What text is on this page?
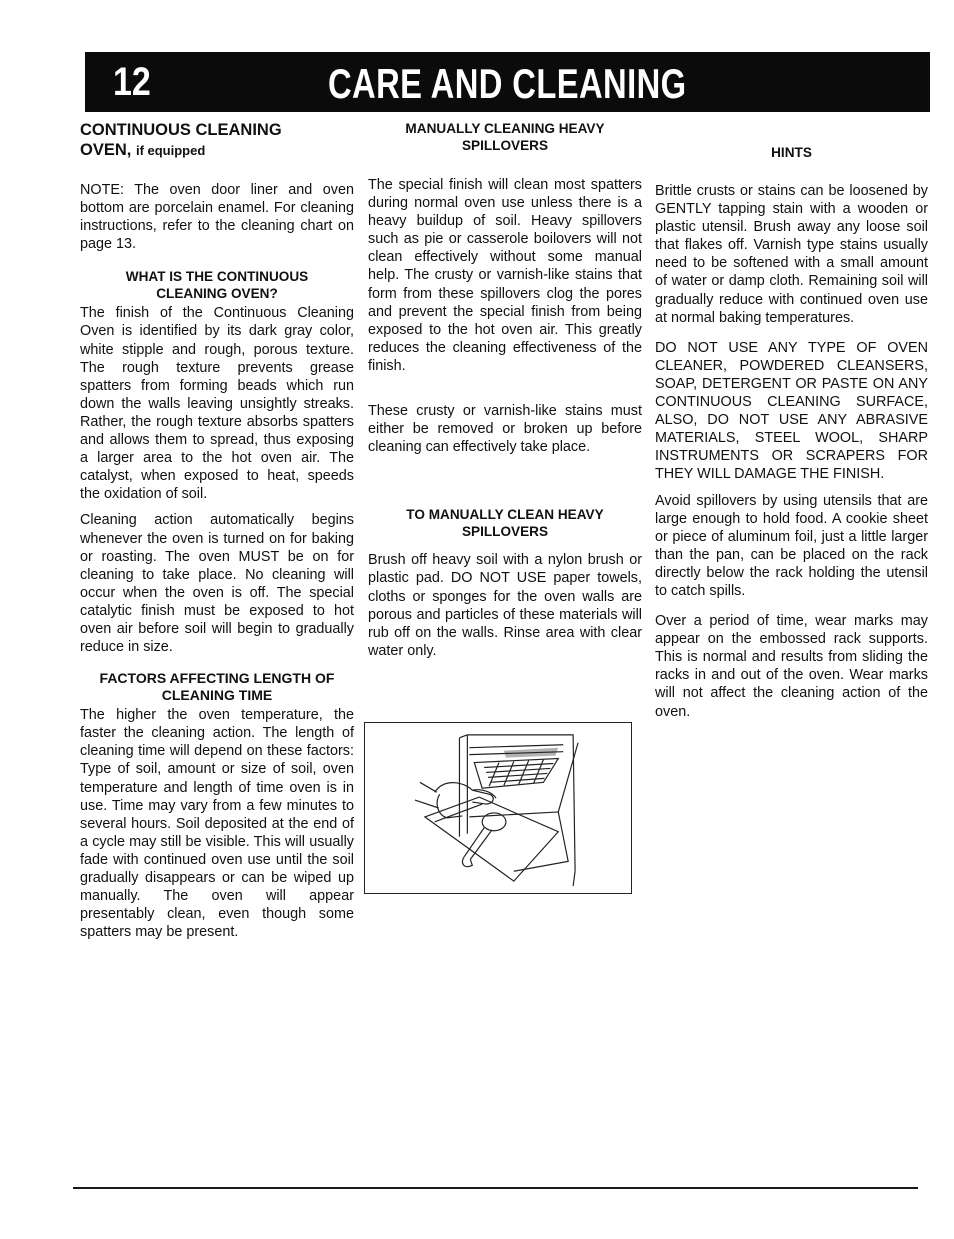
12	CARE AND CLEANING
CONTINUOUS CLEANING
OVEN, if equipped

NOTE: The oven door liner and oven bottom are porcelain enamel. For cleaning instructions, refer to the cleaning chart on page 13.

WHAT IS THE CONTINUOUS
CLEANING OVEN?

The finish of the Continuous Cleaning Oven is identified by its dark gray color, white stipple and rough, porous texture. The rough texture prevents grease spatters from forming beads which run down the walls leaving unsightly streaks. Rather, the rough texture absorbs spatters and allows them to spread, thus exposing a larger area to the hot oven air. The catalyst, when exposed to heat, speeds the oxidation of soil.

Cleaning action automatically begins whenever the oven is turned on for baking or roasting. The oven MUST be on for cleaning to take place. No cleaning will occur when the oven is off. The special catalytic finish must be exposed to hot oven air before soil will begin to gradually reduce in size.

FACTORS AFFECTING LENGTH OF
CLEANING TIME

The higher the oven temperature, the faster the cleaning action. The length of cleaning time will depend on these factors: Type of soil, amount or size of soil, oven temperature and length of time oven is in use. Time may vary from a few minutes to several hours. Soil deposited at the end of a cycle may still be visible. This will usually fade with continued oven use until the soil gradually disappears or can be wiped up manually. The oven will appear presentably clean, even though some spatters may be present.

MANUALLY CLEANING HEAVY
SPILLOVERS

The special finish will clean most spatters during normal oven use unless there is a heavy buildup of soil. Heavy spillovers such as pie or casserole boilovers will not clean effectively without some manual help. The crusty or varnish-like stains that form from these spillovers clog the pores and prevent the special finish from being exposed to the hot oven air. This greatly reduces the cleaning effectiveness of the finish.

These crusty or varnish-like stains must either be removed or broken up before cleaning can effectively take place.

TO MANUALLY CLEAN HEAVY
SPILLOVERS

Brush off heavy soil with a nylon brush or plastic pad. DO NOT USE paper towels, cloths or sponges for the oven walls are porous and particles of these materials will rub off on the walls. Rinse area with clear water only.

HINTS

Brittle crusts or stains can be loosened by GENTLY tapping stain with a wooden or plastic utensil. Brush away any loose soil that flakes off. Varnish type stains usually need to be softened with a small amount of water or damp cloth. Remaining soil will gradually reduce with continued oven use at normal baking temperatures.

DO NOT USE ANY TYPE OF OVEN CLEANER, POWDERED CLEANSERS, SOAP, DETERGENT OR PASTE ON ANY CONTINUOUS CLEANING SURFACE, ALSO, DO NOT USE ANY ABRASIVE MATERIALS, STEEL WOOL, SHARP INSTRUMENTS OR SCRAPERS FOR THEY WILL DAMAGE THE FINISH.

Avoid spillovers by using utensils that are large enough to hold food. A cookie sheet or piece of aluminum foil, just a little larger than the pan, can be placed on the rack directly below the rack holding the utensil to catch spills.

Over a period of time, wear marks may appear on the embossed rack supports. This is normal and results from sliding the racks in and out of the oven. Wear marks will not affect the cleaning action of the oven.
